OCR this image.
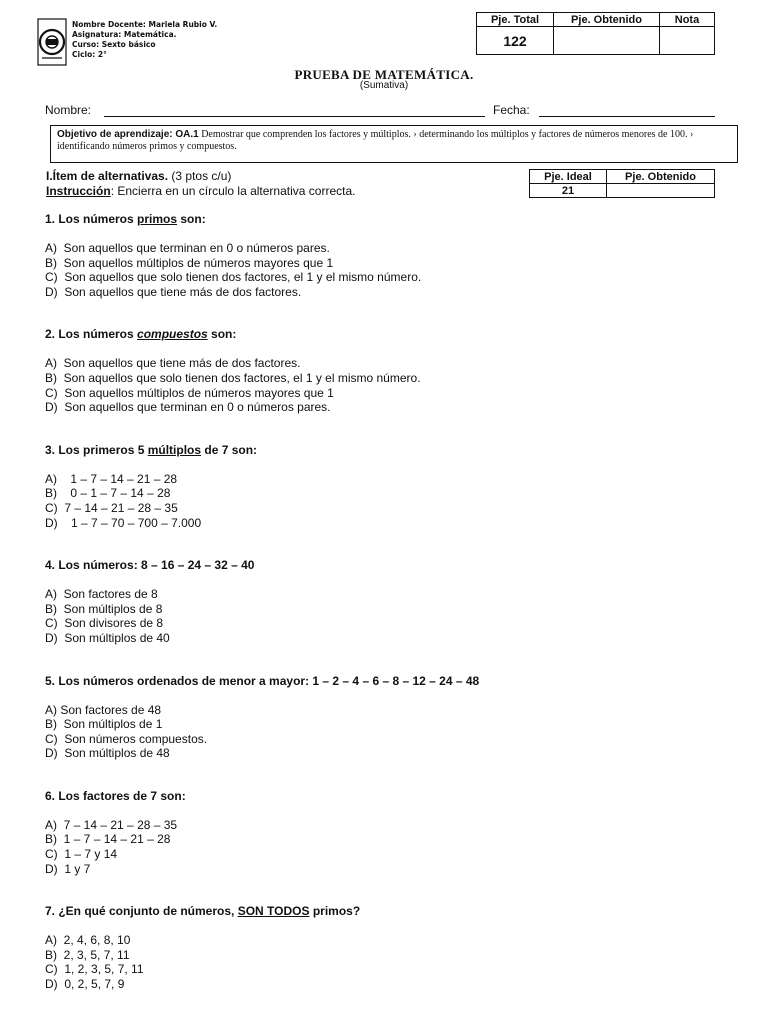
Nombre Docente: Mariela Rubio V.
Asignatura: Matemática.
Curso: Sexto básico
Ciclo: 2°
Pje. Total	Pje. Obtenido	Nota
122		
PRUEBA DE MATEMÁTICA.
(Sumativa)
Nombre:	Fecha:
Objetivo de aprendizaje: OA.1 Demostrar que comprenden los factores y múltiplos. › determinando los múltiplos y factores de números menores de 100. › identificando números primos y compuestos.
I.Ítem de alternativas. (3 ptos c/u)
Instrucción: Encierra en un círculo la alternativa correcta.
Pje. Ideal	Pje. Obtenido
21	
1. Los números primos son:
A)  Son aquellos que terminan en 0 o números pares.
B)  Son aquellos múltiplos de números mayores que 1
C)  Son aquellos que solo tienen dos factores, el 1 y el mismo número.
D)  Son aquellos que tiene más de dos factores.
2. Los números compuestos son:
A)  Son aquellos que tiene más de dos factores.
B)  Son aquellos que solo tienen dos factores, el 1 y el mismo número.
C)  Son aquellos múltiplos de números mayores que 1
D)  Son aquellos que terminan en 0 o números pares.
3. Los primeros 5 múltiplos de 7 son:
A)    1 – 7 – 14 – 21 – 28
B)    0 – 1 – 7 – 14 – 28
C)  7 – 14 – 21 – 28 – 35
D)    1 – 7 – 70 – 700 – 7.000
4. Los números: 8 – 16 – 24 – 32 – 40
A)  Son factores de 8
B)  Son múltiplos de 8
C)  Son divisores de 8
D)  Son múltiplos de 40
5. Los números ordenados de menor a mayor: 1 – 2 – 4 – 6 – 8 – 12 – 24 – 48
A) Son factores de 48
B)  Son múltiplos de 1
C)  Son números compuestos.
D)  Son múltiplos de 48
6. Los factores de 7 son:
A)  7 – 14 – 21 – 28 – 35
B)  1 – 7 – 14 – 21 – 28
C)  1 – 7 y 14
D)  1 y 7
7. ¿En qué conjunto de números, SON TODOS primos?
A)  2, 4, 6, 8, 10
B)  2, 3, 5, 7, 11
C)  1, 2, 3, 5, 7, 11
D)  0, 2, 5, 7, 9
